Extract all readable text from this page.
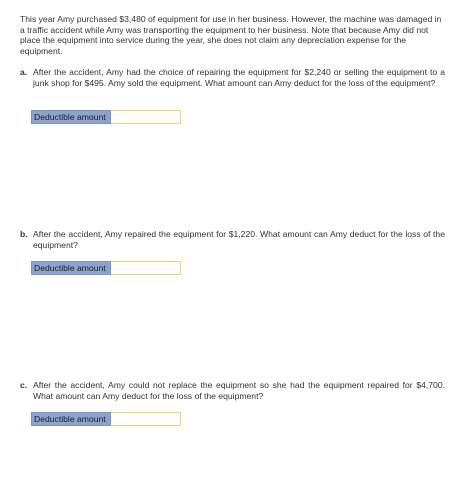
This year Amy purchased $3,480 of equipment for use in her business. However, the machine was damaged in a traffic accident while Amy was transporting the equipment to her business. Note that because Amy did not place the equipment into service during the year, she does not claim any depreciation expense for the equipment.
a. After the accident, Amy had the choice of repairing the equipment for $2,240 or selling the equipment to a junk shop for $495. Amy sold the equipment. What amount can Amy deduct for the loss of the equipment?
Deductible amount
b. After the accident, Amy repaired the equipment for $1,220. What amount can Amy deduct for the loss of the equipment?
Deductible amount
c. After the accident, Amy could not replace the equipment so she had the equipment repaired for $4,700. What amount can Amy deduct for the loss of the equipment?
Deductible amount
